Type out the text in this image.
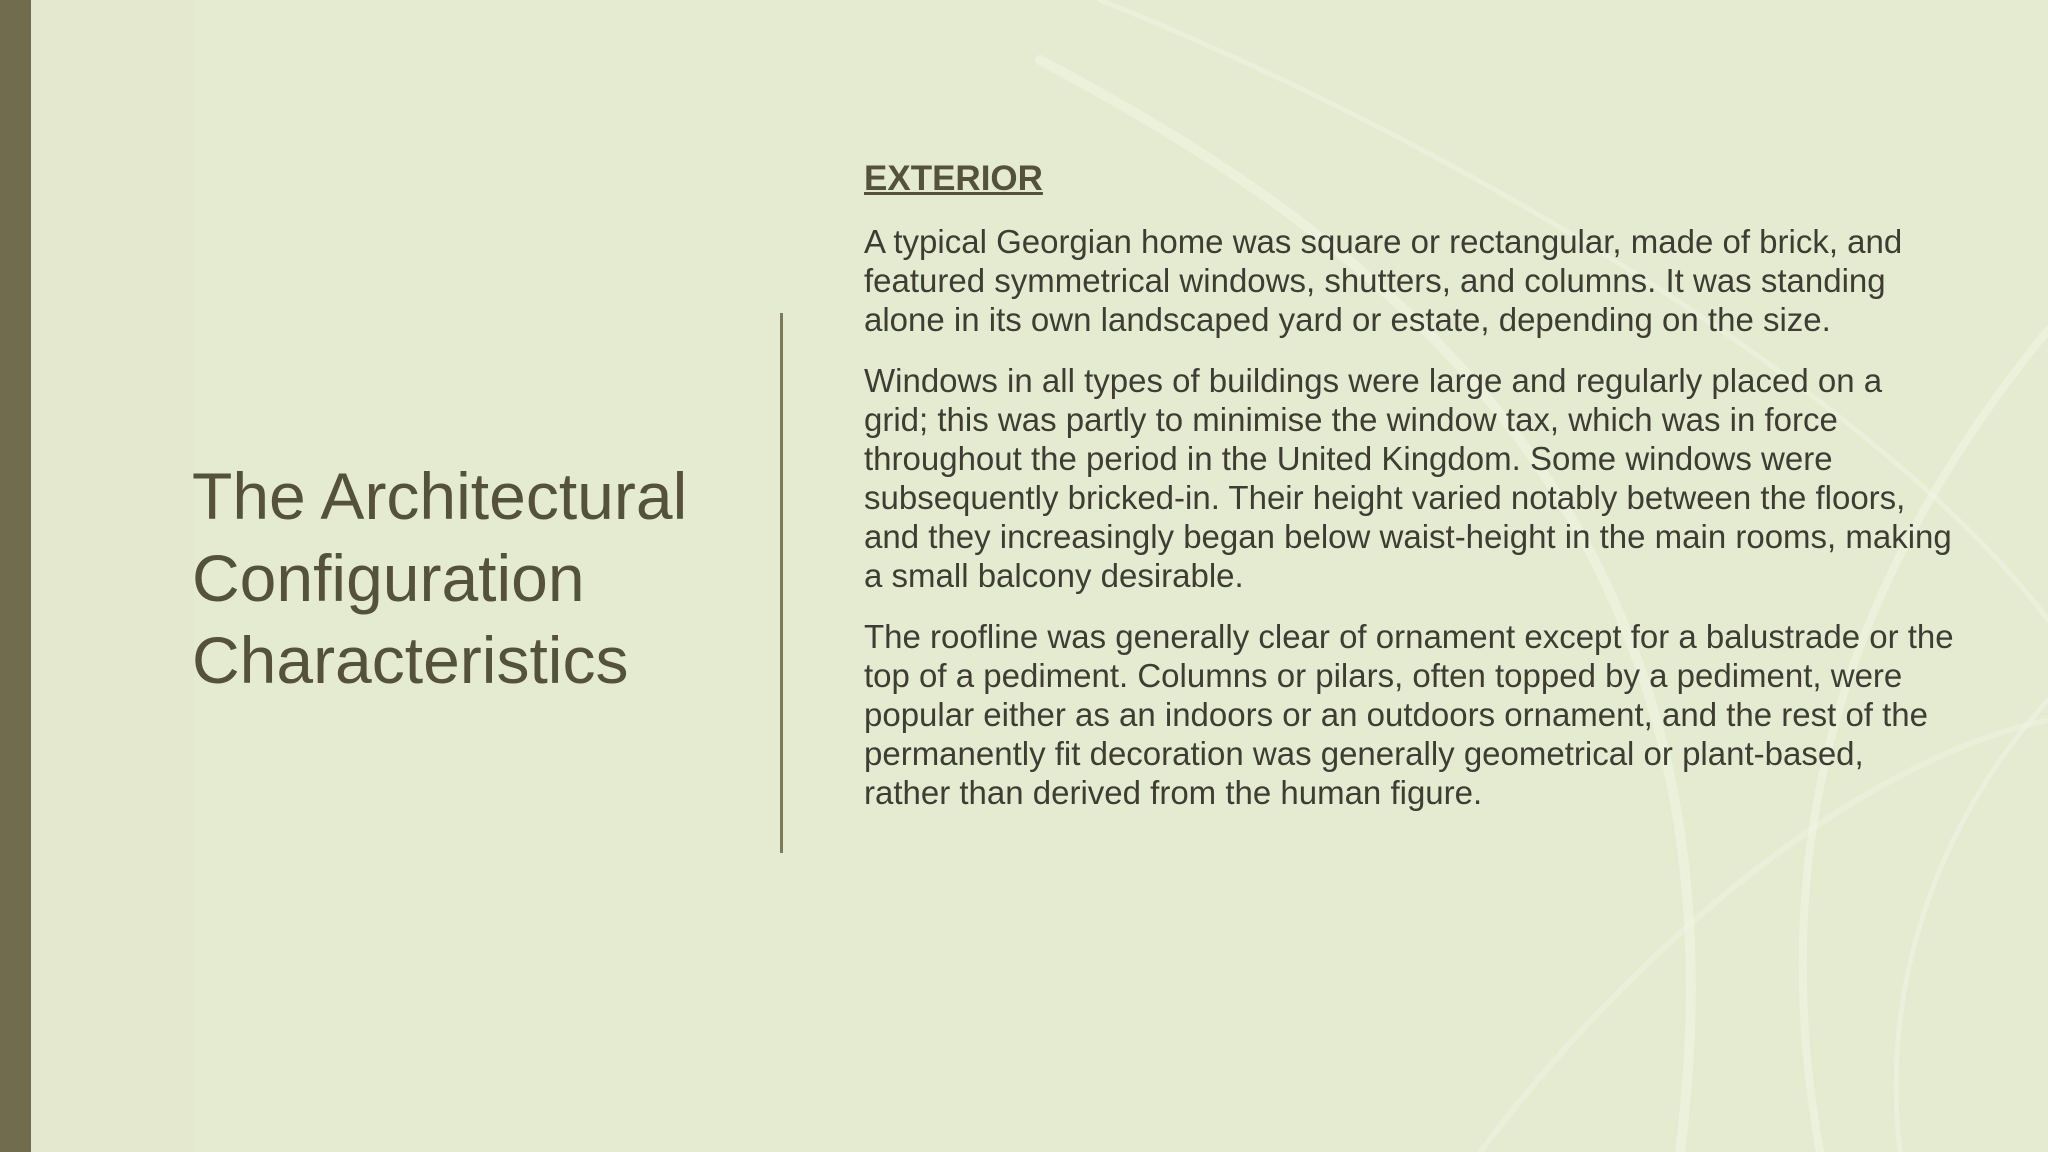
The Architectural
Configuration
Characteristics
EXTERIOR

A typical Georgian home was square or rectangular, made of brick, and featured symmetrical windows, shutters, and columns. It was standing alone in its own landscaped yard or estate, depending on the size.

Windows in all types of buildings were large and regularly placed on a grid; this was partly to minimise the window tax, which was in force throughout the period in the United Kingdom. Some windows were subsequently bricked-in. Their height varied notably between the floors, and they increasingly began below waist-height in the main rooms, making a small balcony desirable.

The roofline was generally clear of ornament except for a balustrade or the top of a pediment. Columns or pilars, often topped by a pediment, were popular either as an indoors or an outdoors ornament, and the rest of the permanently fit decoration was generally geometrical or plant-based, rather than derived from the human figure.
